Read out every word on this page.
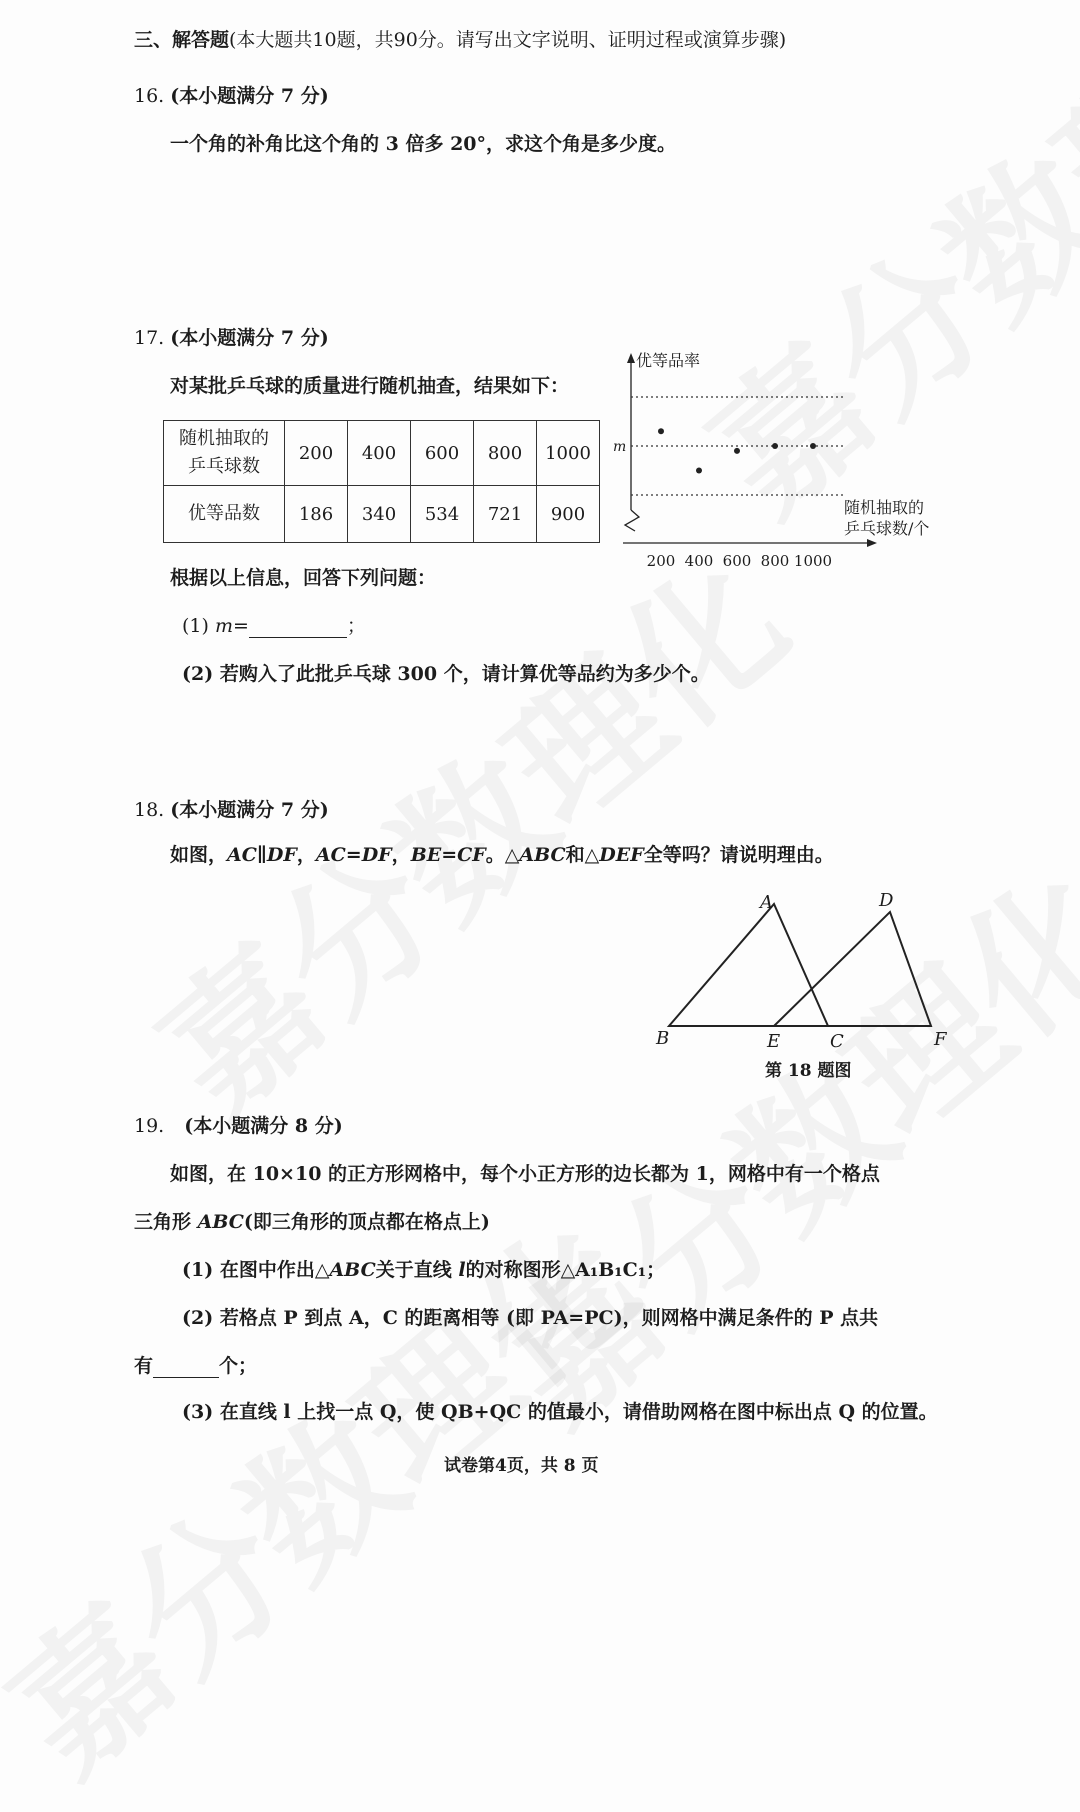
三、解答题(本大题共10题，共90分。请写出文字说明、证明过程或演算步骤)
16. (本小题满分 7 分)
一个角的补角比这个角的 3 倍多 20°，求这个角是多少度。
17. (本小题满分 7 分)
对某批乒乓球的质量进行随机抽查，结果如下：
随机抽取的
乒乓球数	200	400	600	800	1000
优等品数	186	340	534	721	900
优等品率
随机抽取的
乒乓球数/个
m
200 400 600 800 1000
根据以上信息，回答下列问题：
(1) m=	；
(2) 若购入了此批乒乓球 300 个，请计算优等品约为多少个。
18. (本小题满分 7 分)
如图，AC∥DF，AC=DF，BE=CF。△ABC和△DEF全等吗？请说明理由。
A	D
B	E	C	F
第 18 题图
19. (本小题满分 8 分)
如图，在 10×10 的正方形网格中，每个小正方形的边长都为 1，网格中有一个格点
三角形 ABC(即三角形的顶点都在格点上)
(1) 在图中作出△ABC关于直线 l的对称图形△A₁B₁C₁；
(2) 若格点 P 到点 A，C 的距离相等 (即 PA=PC)，则网格中满足条件的 P 点共
有	个；
(3) 在直线 l 上找一点 Q，使 QB+QC 的值最小，请借助网格在图中标出点 Q 的位置。
试卷第4页，共 8 页
